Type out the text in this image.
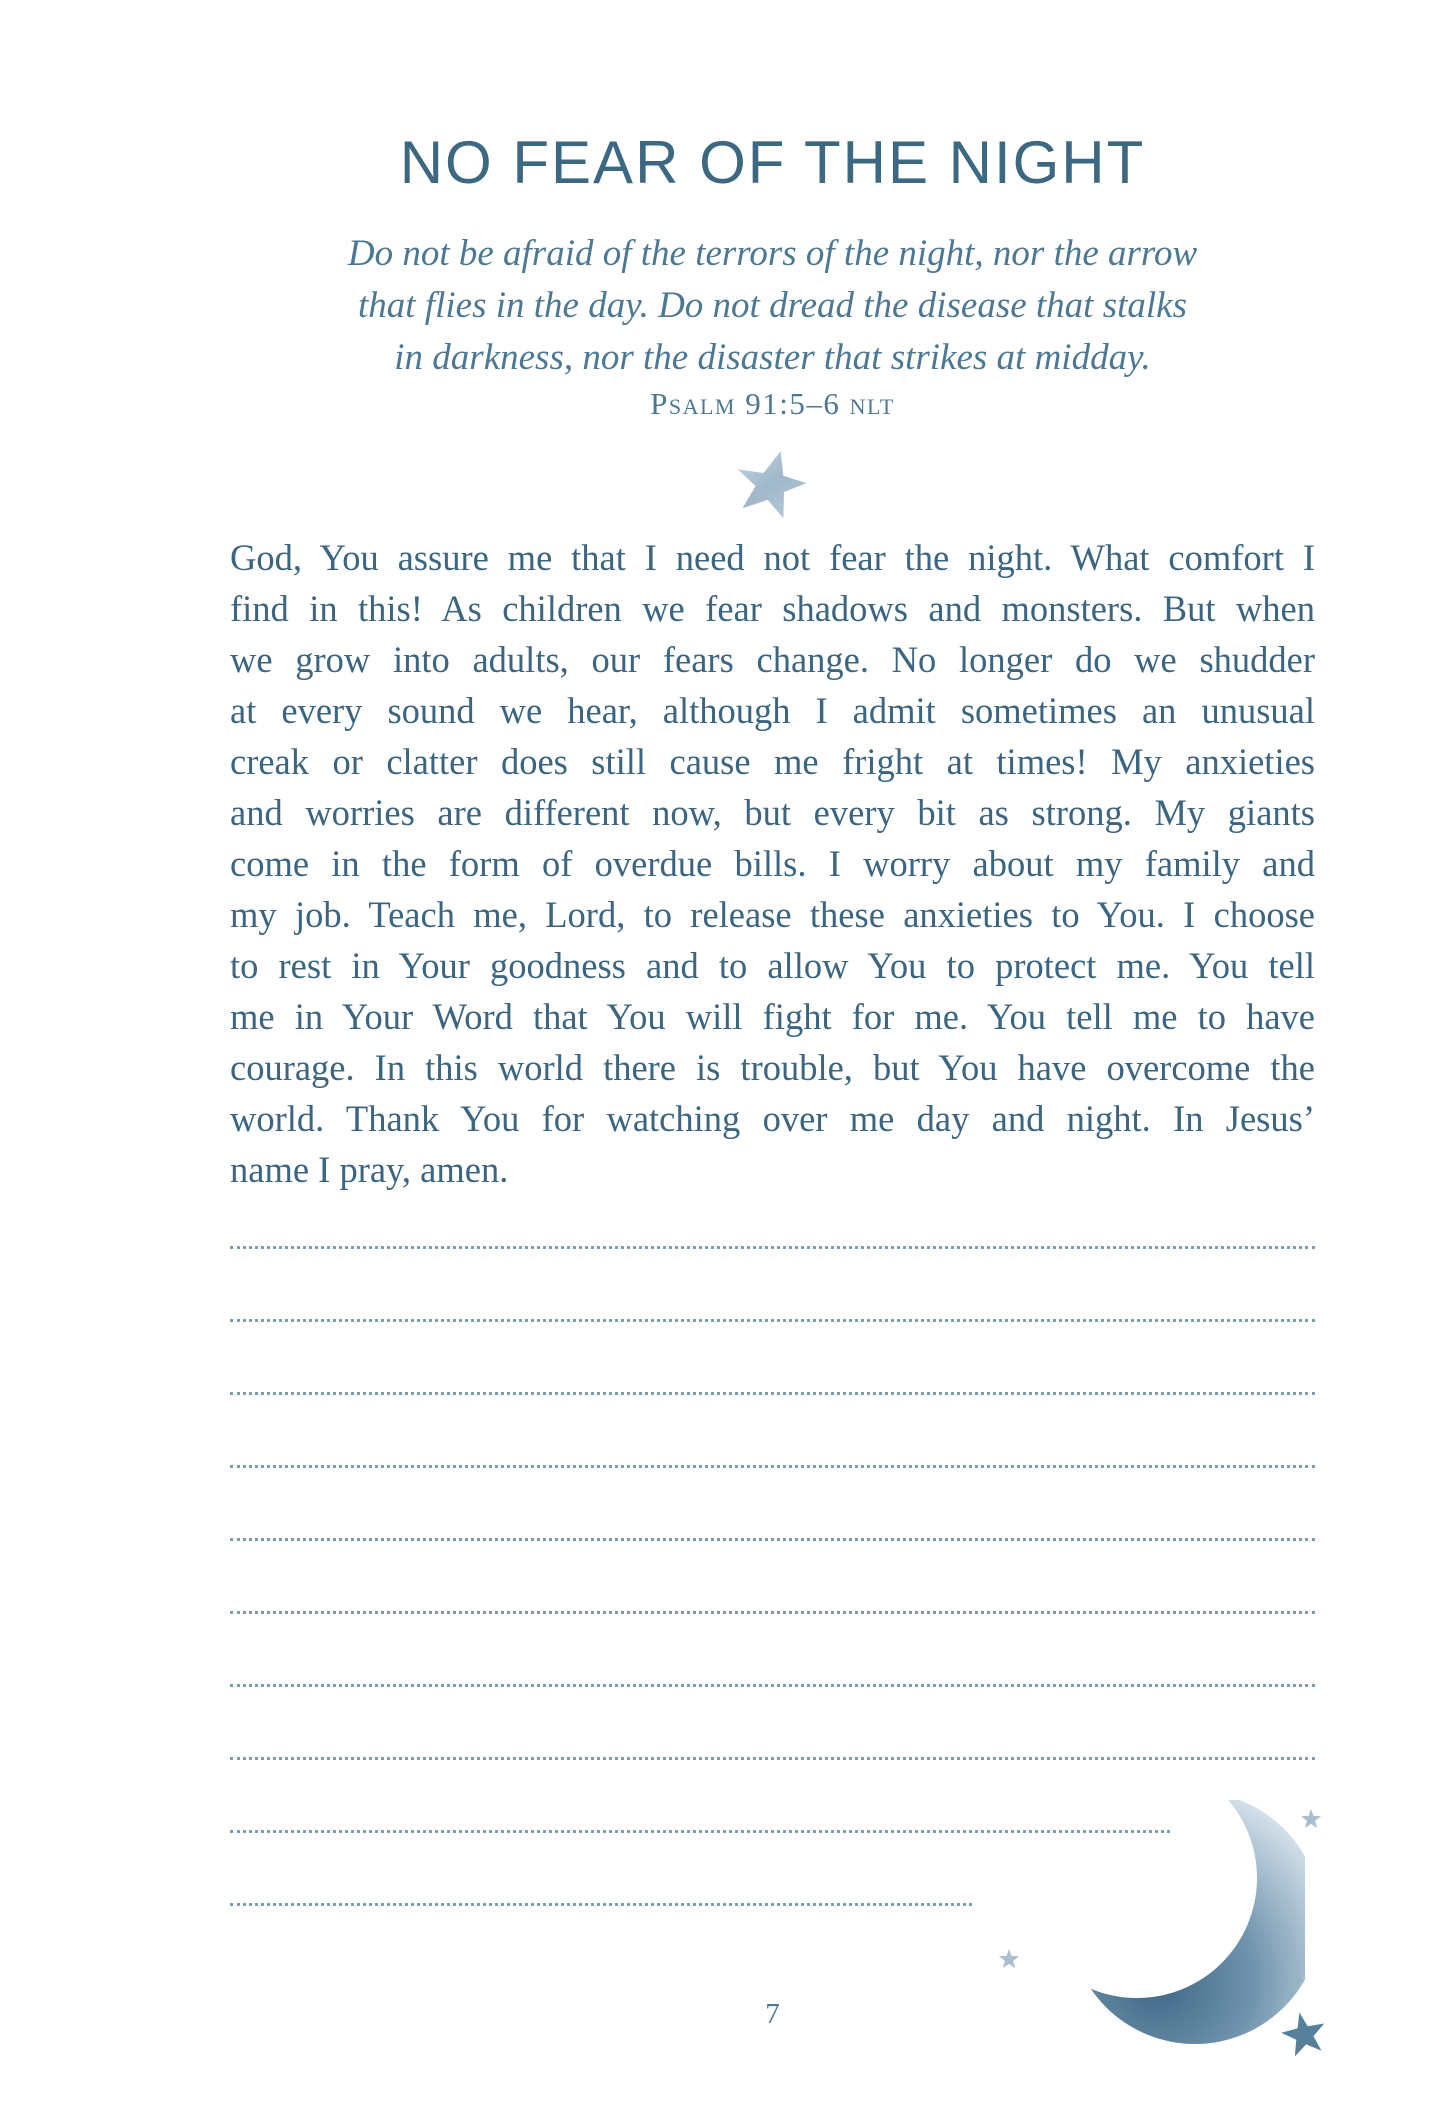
NO FEAR OF THE NIGHT
Do not be afraid of the terrors of the night, nor the arrow
that flies in the day. Do not dread the disease that stalks
in darkness, nor the disaster that strikes at midday.
Psalm 91:5–6 nlt
God, You assure me that I need not fear the night. What comfort I
find in this! As children we fear shadows and monsters. But when
we grow into adults, our fears change. No longer do we shudder
at every sound we hear, although I admit sometimes an unusual
creak or clatter does still cause me fright at times! My anxieties
and worries are different now, but every bit as strong. My giants
come in the form of overdue bills. I worry about my family and
my job. Teach me, Lord, to release these anxieties to You. I choose
to rest in Your goodness and to allow You to protect me. You tell
me in Your Word that You will fight for me. You tell me to have
courage. In this world there is trouble, but You have overcome the
world. Thank You for watching over me day and night. In Jesus’
name I pray, amen.
7
